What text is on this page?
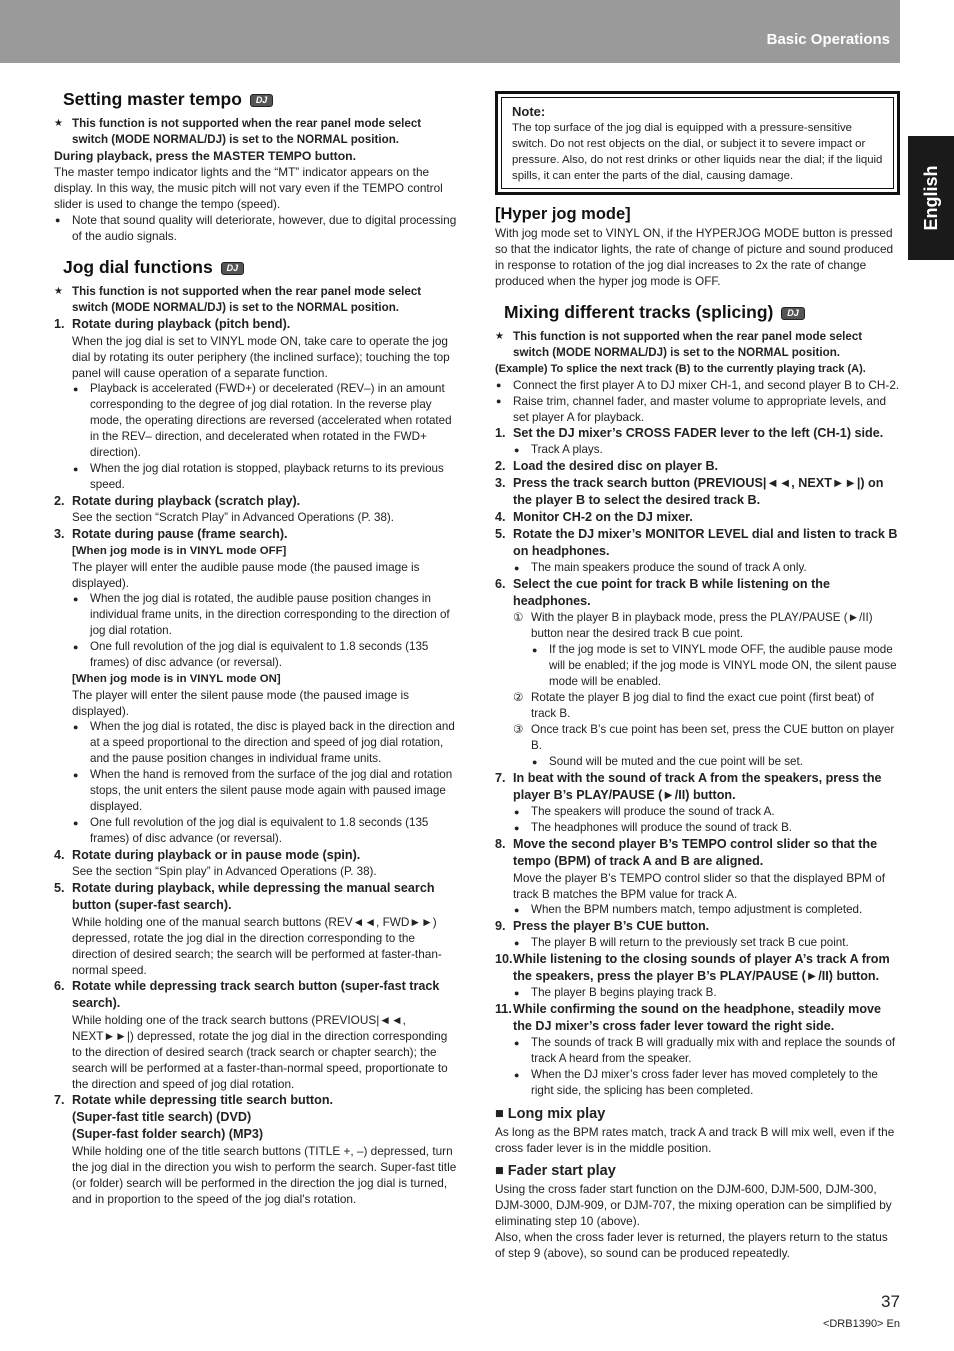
Basic Operations
English
Setting master tempo DJ

★ This function is not supported when the rear panel mode select switch (MODE NORMAL/DJ) is set to the NORMAL position.

During playback, press the MASTER TEMPO button.

The master tempo indicator lights and the “MT” indicator appears on the display. In this way, the music pitch will not vary even if the TEMPO control slider is used to change the tempo (speed).

● Note that sound quality will deteriorate, however, due to digital processing of the audio signals.

Jog dial functions DJ

★ This function is not supported when the rear panel mode select switch (MODE NORMAL/DJ) is set to the NORMAL position.

1. Rotate during playback (pitch bend).

When the jog dial is set to VINYL mode ON, take care to operate the jog dial by rotating its outer periphery (the inclined surface); touching the top panel will cause operation of a separate function.

● Playback is accelerated (FWD+) or decelerated (REV–) in an amount corresponding to the degree of jog dial rotation. In the reverse play mode, the operating directions are reversed (accelerated when rotated in the REV– direction, and decelerated when rotated in the FWD+ direction).

● When the jog dial rotation is stopped, playback returns to its previous speed.

2. Rotate during playback (scratch play).

See the section “Scratch Play” in Advanced Operations (P. 38).

3. Rotate during pause (frame search).

[When jog mode is in VINYL mode OFF]

The player will enter the audible pause mode (the paused image is displayed).

● When the jog dial is rotated, the audible pause position changes in individual frame units, in the direction corresponding to the direction of jog dial rotation.

● One full revolution of the jog dial is equivalent to 1.8 seconds (135 frames) of disc advance (or reversal).

[When jog mode is in VINYL mode ON]

The player will enter the silent pause mode (the paused image is displayed).

● When the jog dial is rotated, the disc is played back in the direction and at a speed proportional to the direction and speed of jog dial rotation, and the pause position changes in individual frame units.

● When the hand is removed from the surface of the jog dial and rotation stops, the unit enters the silent pause mode again with paused image displayed.

● One full revolution of the jog dial is equivalent to 1.8 seconds (135 frames) of disc advance (or reversal).

4. Rotate during playback or in pause mode (spin).

See the section “Spin play” in Advanced Operations (P. 38).

5. Rotate during playback, while depressing the manual search button (super-fast search).

While holding one of the manual search buttons (REV◄◄, FWD►►) depressed, rotate the jog dial in the direction corresponding to the direction of desired search; the search will be performed at faster-than-normal speed.

6. Rotate while depressing track search button (super-fast track search).

While holding one of the track search buttons (PREVIOUS|◄◄, NEXT►►|) depressed, rotate the jog dial in the direction corresponding to the direction of desired search (track search or chapter search); the search will be performed at a faster-than-normal speed, proportionate to the direction and speed of jog dial rotation.

7. Rotate while depressing title search button.
(Super-fast title search) (DVD)
(Super-fast folder search) (MP3)

While holding one of the title search buttons (TITLE +, –) depressed, turn the jog dial in the direction you wish to perform the search. Super-fast title (or folder) search will be performed in the direction the jog dial is turned, and in proportion to the speed of the jog dial's rotation.

Note:

The top surface of the jog dial is equipped with a pressure-sensitive switch. Do not rest objects on the dial, or subject it to severe impact or pressure. Also, do not rest drinks or other liquids near the dial; if the liquid spills, it can enter the parts of the dial, causing damage.

[Hyper jog mode]

With jog mode set to VINYL ON, if the HYPERJOG MODE button is pressed so that the indicator lights, the rate of change of picture and sound produced in response to rotation of the jog dial increases to 2x the rate of change produced when the hyper jog mode is OFF.

Mixing different tracks (splicing) DJ

★ This function is not supported when the rear panel mode select switch (MODE NORMAL/DJ) is set to the NORMAL position.

(Example) To splice the next track (B) to the currently playing track (A).

● Connect the first player A to DJ mixer CH-1, and second player B to CH-2.

● Raise trim, channel fader, and master volume to appropriate levels, and set player A for playback.

1. Set the DJ mixer’s CROSS FADER lever to the left (CH-1) side.

● Track A plays.

2. Load the desired disc on player B.
3. Press the track search button (PREVIOUS|◄◄, NEXT►►|) on the player B to select the desired track B.
4. Monitor CH-2 on the DJ mixer.
5. Rotate the DJ mixer’s MONITOR LEVEL dial and listen to track B on headphones.

● The main speakers produce the sound of track A only.

6. Select the cue point for track B while listening on the headphones.

① With the player B in playback mode, press the PLAY/PAUSE (►/II) button near the desired track B cue point.

● If the jog mode is set to VINYL mode OFF, the audible pause mode will be enabled; if the jog mode is VINYL mode ON, the silent pause mode will be enabled.

② Rotate the player B jog dial to find the exact cue point (first beat) of track B.

③ Once track B’s cue point has been set, press the CUE button on player B.

● Sound will be muted and the cue point will be set.

7. In beat with the sound of track A from the speakers, press the player B’s PLAY/PAUSE (►/II) button.

● The speakers will produce the sound of track A.

● The headphones will produce the sound of track B.

8. Move the second player B’s TEMPO control slider so that the tempo (BPM) of track A and B are aligned.

Move the player B’s TEMPO control slider so that the displayed BPM of track B matches the BPM value for track A.

● When the BPM numbers match, tempo adjustment is completed.

9. Press the player B’s CUE button.

● The player B will return to the previously set track B cue point.

10. While listening to the closing sounds of player A’s track A from the speakers, press the player B’s PLAY/PAUSE (►/II) button.

● The player B begins playing track B.

11. While confirming the sound on the headphone, steadily move the DJ mixer’s cross fader lever toward the right side.

● The sounds of track B will gradually mix with and replace the sounds of track A heard from the speaker.

● When the DJ mixer’s cross fader lever has moved completely to the right side, the splicing has been completed.

■ Long mix play

As long as the BPM rates match, track A and track B will mix well, even if the cross fader lever is in the middle position.

■ Fader start play

Using the cross fader start function on the DJM-600, DJM-500, DJM-300, DJM-3000, DJM-909, or DJM-707, the mixing operation can be simplified by eliminating step 10 (above).

Also, when the cross fader lever is returned, the players return to the status of step 9 (above), so sound can be produced repeatedly.

37
<DRB1390> En
